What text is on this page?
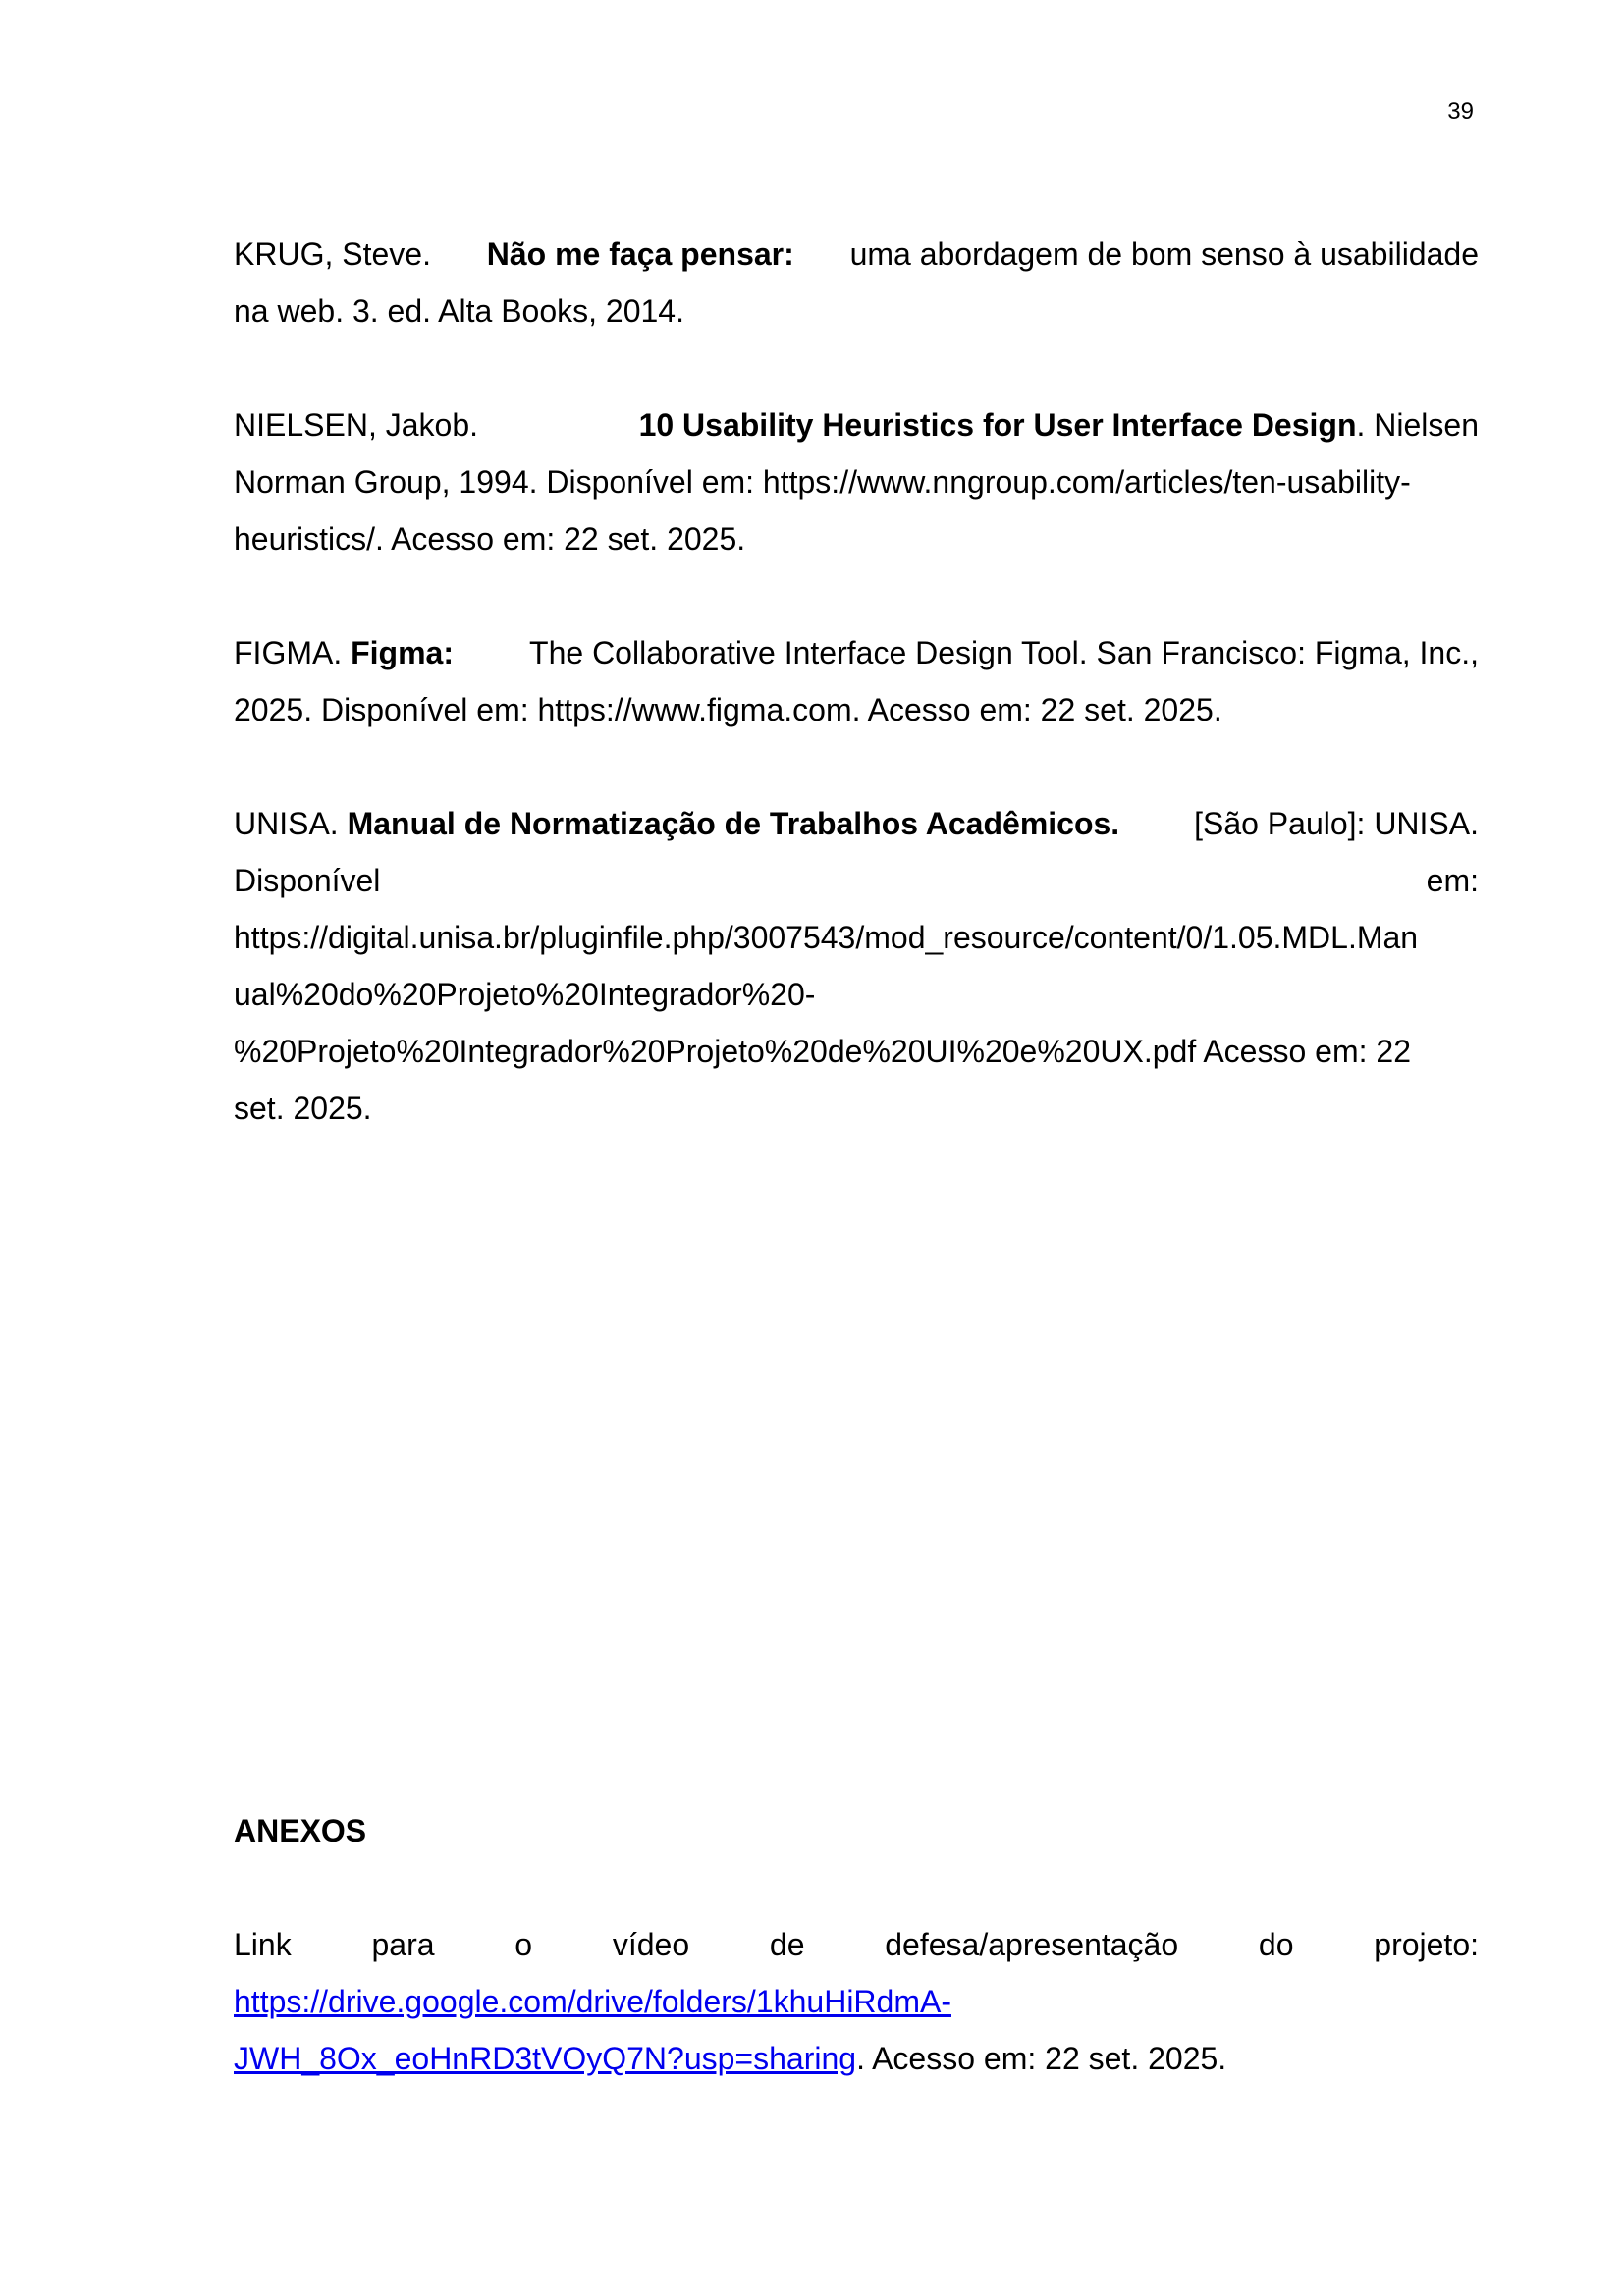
39
KRUG, Steve. Não me faça pensar: uma abordagem de bom senso à usabilidade
na web. 3. ed. Alta Books, 2014.
NIELSEN, Jakob.	10 Usability Heuristics for User Interface Design. Nielsen
Norman Group, 1994. Disponível em: https://www.nngroup.com/articles/ten-usability-
heuristics/. Acesso em: 22 set. 2025.
FIGMA. Figma: The Collaborative Interface Design Tool. San Francisco: Figma, Inc.,
2025. Disponível em: https://www.figma.com. Acesso em: 22 set. 2025.
UNISA. Manual de Normatização de Trabalhos Acadêmicos. [São Paulo]: UNISA.
Disponível	em:
https://digital.unisa.br/pluginfile.php/3007543/mod_resource/content/0/1.05.MDL.Man
ual%20do%20Projeto%20Integrador%20-
%20Projeto%20Integrador%20Projeto%20de%20UI%20e%20UX.pdf Acesso em: 22
set. 2025.
ANEXOS
Link	para	o	vídeo	de	defesa/apresentação	do	projeto:
https://drive.google.com/drive/folders/1khuHiRdmA-
JWH_8Ox_eoHnRD3tVOyQ7N?usp=sharing. Acesso em: 22 set. 2025.
